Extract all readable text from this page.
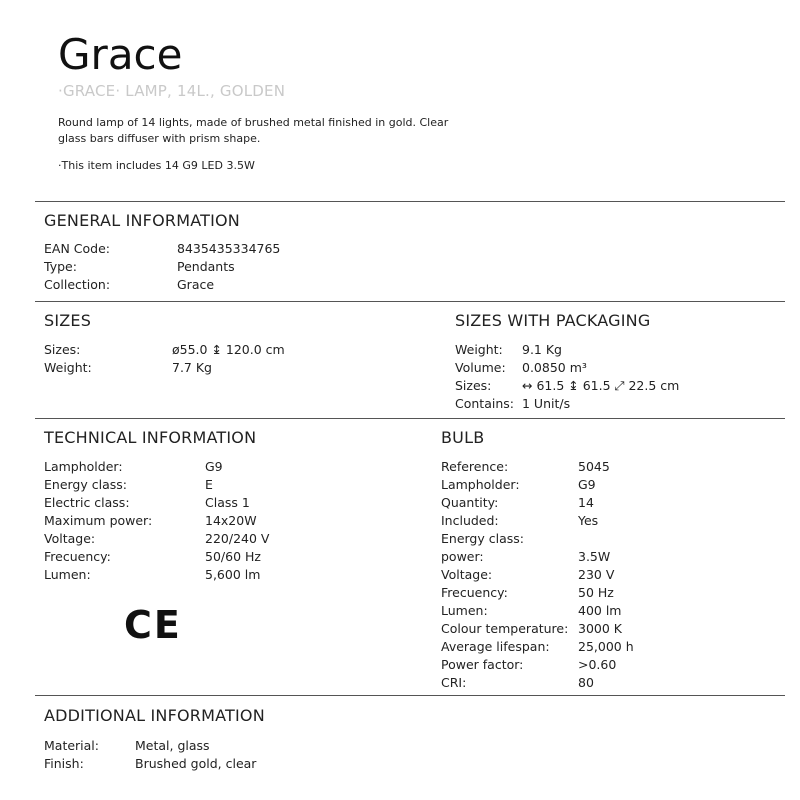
Grace
·GRACE· LAMP, 14L., GOLDEN
Round lamp of 14 lights, made of brushed metal finished in gold. Clear glass bars diffuser with prism shape.
·This item includes 14 G9 LED 3.5W
GENERAL INFORMATION
EAN Code:	8435435334765
Type:	Pendants
Collection:	Grace
SIZES
Sizes:	ø55.0 ↨ 120.0 cm
Weight:	7.7 Kg
SIZES WITH PACKAGING
Weight: 9.1 Kg
Volume: 0.0850 m³
Sizes: ↔ 61.5 ↨ 61.5 ⤢ 22.5 cm
Contains: 1 Unit/s
TECHNICAL INFORMATION
Lampholder:	G9
Energy class:	E
Electric class:	Class 1
Maximum power:	14x20W
Voltage:	220/240 V
Frecuency:	50/60 Hz
Lumen:	5,600 lm
CE
BULB
Reference:	5045
Lampholder:	G9
Quantity:	14
Included:	Yes
Energy class:
power:	3.5W
Voltage:	230 V
Frecuency:	50 Hz
Lumen:	400 lm
Colour temperature: 3000 K
Average lifespan: 25,000 h
Power factor:	>0.60
CRI:	80
ADDITIONAL INFORMATION
Material:	Metal, glass
Finish:	Brushed gold, clear
